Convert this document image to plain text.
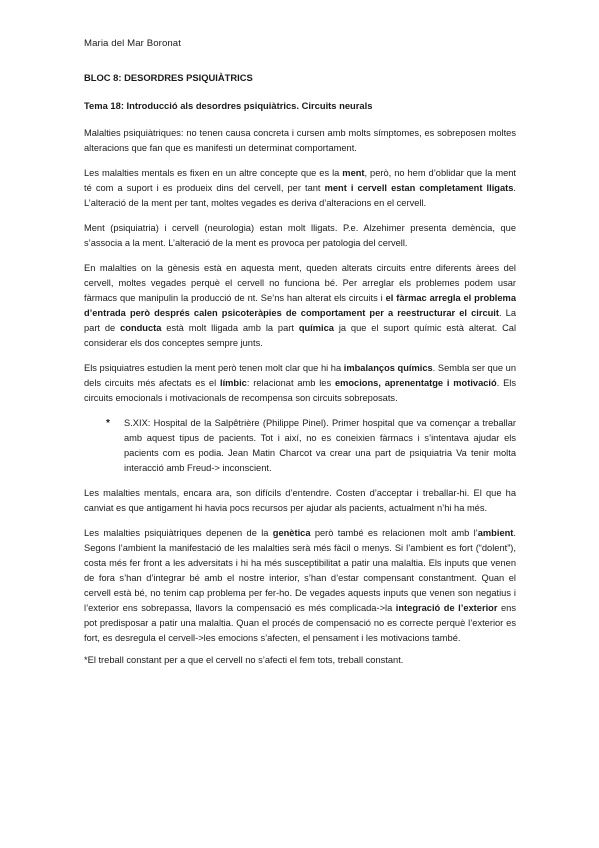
Maria del Mar Boronat
BLOC 8: DESORDRES PSIQUIÀTRICS
Tema 18: Introducció als desordres psiquiàtrics. Circuits neurals

Malalties psiquiàtriques: no tenen causa concreta i cursen amb molts símptomes, es sobreposen moltes alteracions que fan que es manifesti un determinat comportament.

Les malalties mentals es fixen en un altre concepte que es la ment, però, no hem d’oblidar que la ment té com a suport i es produeix dins del cervell, per tant ment i cervell estan completament lligats. L’alteració de la ment per tant, moltes vegades es deriva d’alteracions en el cervell.

Ment (psiquiatria) i cervell (neurologia) estan molt lligats. P.e. Alzehimer presenta demència, que s’associa a la ment. L’alteració de la ment es provoca per patologia del cervell.

En malalties on la gènesis està en aquesta ment, queden alterats circuits entre diferents àrees del cervell, moltes vegades perquè el cervell no funciona bé. Per arreglar els problemes podem usar fàrmacs que manipulin la producció de nt. Se’ns han alterat els circuits i el fàrmac arregla el problema d’entrada però després calen psicoteràpies de comportament per a reestructurar el circuit. La part de conducta està molt lligada amb la part química ja que el suport químic està alterat. Cal considerar els dos conceptes sempre junts.

Els psiquiatres estudien la ment però tenen molt clar que hi ha imbalanços químics. Sembla ser que un dels circuits més afectats es el límbic: relacionat amb les emocions, aprenentatge i motivació. Els circuits emocionals i motivacionals de recompensa son circuits sobreposats.

*	S.XIX: Hospital de la Salpêtrière (Philippe Pinel). Primer hospital que va començar a treballar amb aquest tipus de pacients. Tot i així, no es coneixien fàrmacs i s’intentava ajudar els pacients com es podia. Jean Matin Charcot va crear una part de psiquiatria Va tenir molta interacció amb Freud-> inconscient.

Les malalties mentals, encara ara, son difícils d’entendre. Costen d’acceptar i treballar-hi. El que ha canviat es que antigament hi havia pocs recursos per ajudar als pacients, actualment n’hi ha més.

Les malalties psiquiàtriques depenen de la genètica però també es relacionen molt amb l’ambient. Segons l’ambient la manifestació de les malalties serà més fàcil o menys. Si l’ambient es fort (“dolent”), costa més fer front a les adversitats i hi ha més susceptibilitat a patir una malaltia. Els inputs que venen de fora s’han d’integrar bé amb el nostre interior, s’han d’estar compensant constantment. Quan el cervell està bé, no tenim cap problema per fer-ho. De vegades aquests inputs que venen son negatius i l’exterior ens sobrepassa, llavors la compensació es més complicada->la integració de l’exterior ens pot predisposar a patir una malaltia. Quan el procés de compensació no es correcte perquè l’exterior es fort, es desregula el cervell->les emocions s’afecten, el pensament i les motivacions també.

*El treball constant per a que el cervell no s’afecti el fem tots, treball constant.
